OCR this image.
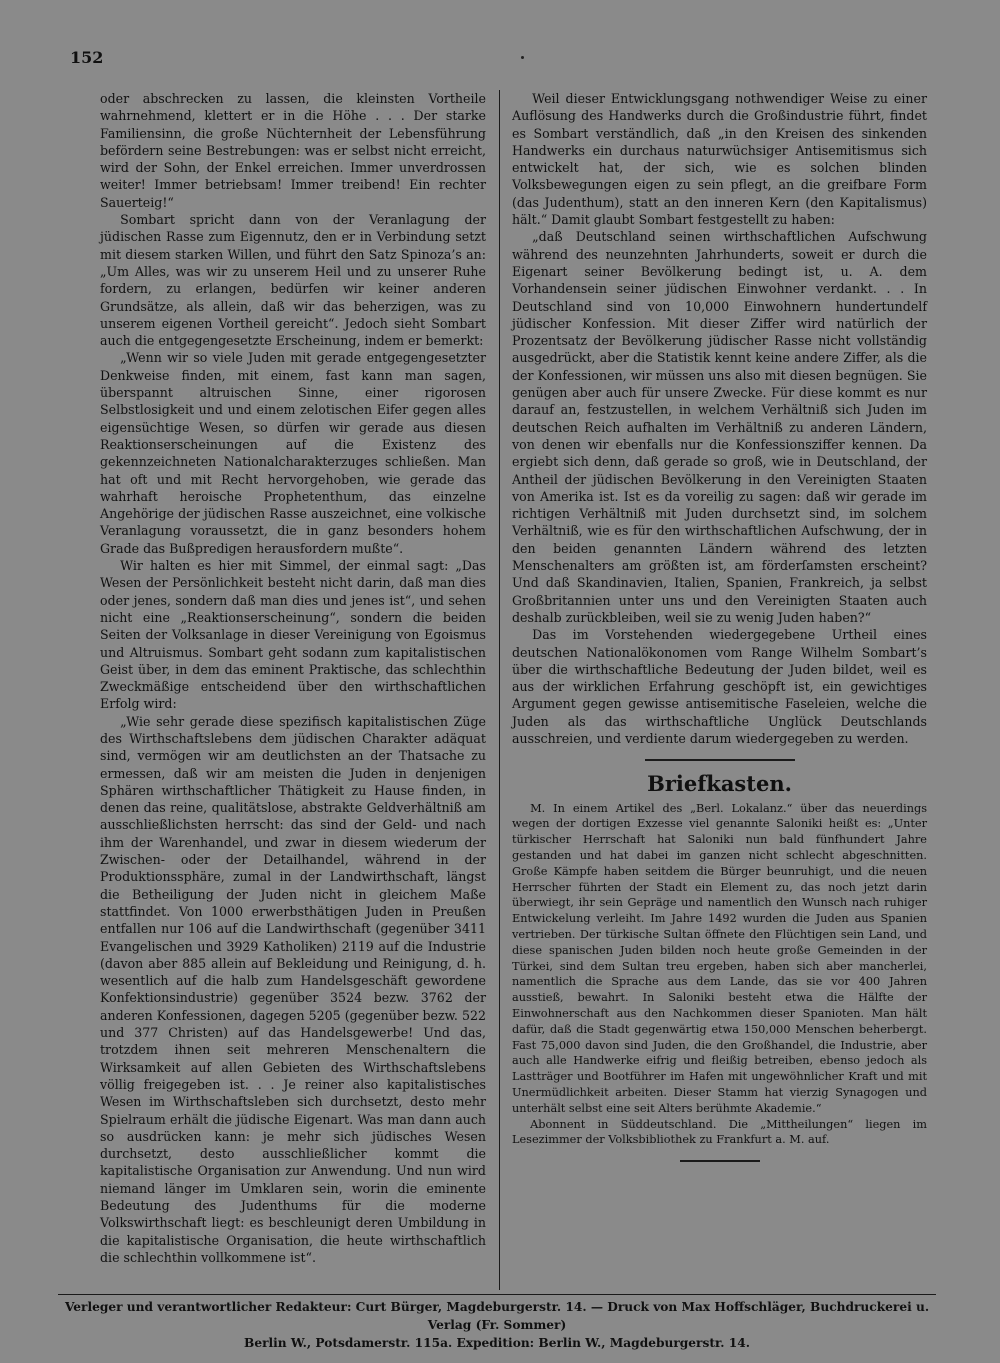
152

oder abschrecken zu lassen, die kleinsten Vortheile wahrnehmend, klettert er in die Höhe . . . Der starke Familiensinn, die große Nüchternheit der Lebensführung befördern seine Bestrebungen: was er selbst nicht erreicht, wird der Sohn, der Enkel erreichen. Immer unverdrossen weiter! Immer betriebsam! Immer treibend! Ein rechter Sauerteig!“

Sombart spricht dann von der Veranlagung der jüdischen Rasse zum Eigennutz, den er in Verbindung setzt mit diesem starken Willen, und führt den Satz Spinoza’s an: „Um Alles, was wir zu unserem Heil und zu unserer Ruhe fordern, zu erlangen, bedürfen wir keiner anderen Grundsätze, als allein, daß wir das beherzigen, was zu unserem eigenen Vortheil gereicht“. Jedoch sieht Sombart auch die entgegengesetzte Erscheinung, indem er bemerkt:

„Wenn wir so viele Juden mit gerade entgegengesetzter Denkweise finden, mit einem, fast kann man sagen, überspannt altruischen Sinne, einer rigorosen Selbstlosigkeit und und einem zelotischen Eifer gegen alles eigensüchtige Wesen, so dürfen wir gerade aus diesen Reaktionserscheinungen auf die Existenz des gekennzeichneten Nationalcharakterzuges schließen. Man hat oft und mit Recht hervorgehoben, wie gerade das wahrhaft heroische Prophetenthum, das einzelne Angehörige der jüdischen Rasse auszeichnet, eine volkische Veranlagung voraussetzt, die in ganz besonders hohem Grade das Bußpredigen herausfordern mußte“.

Wir halten es hier mit Simmel, der einmal sagt: „Das Wesen der Persönlichkeit besteht nicht darin, daß man dies oder jenes, sondern daß man dies und jenes ist“, und sehen nicht eine „Reaktionserscheinung“, sondern die beiden Seiten der Volksanlage in dieser Vereinigung von Egoismus und Altruismus. Sombart geht sodann zum kapitalistischen Geist über, in dem das eminent Praktische, das schlechthin Zweckmäßige entscheidend über den wirthschaftlichen Erfolg wird:

„Wie sehr gerade diese spezifisch kapitalistischen Züge des Wirthschaftslebens dem jüdischen Charakter adäquat sind, vermögen wir am deutlichsten an der Thatsache zu ermessen, daß wir am meisten die Juden in denjenigen Sphären wirthschaftlicher Thätigkeit zu Hause finden, in denen das reine, qualitätslose, abstrakte Geldverhältniß am ausschließlichsten herrscht: das sind der Geld- und nach ihm der Warenhandel, und zwar in diesem wiederum der Zwischen- oder der Detailhandel, während in der Produktionssphäre, zumal in der Landwirthschaft, längst die Betheiligung der Juden nicht in gleichem Maße stattfindet. Von 1000 erwerbsthätigen Juden in Preußen entfallen nur 106 auf die Landwirthschaft (gegenüber 3411 Evangelischen und 3929 Katholiken) 2119 auf die Industrie (davon aber 885 allein auf Bekleidung und Reinigung, d. h. wesentlich auf die halb zum Handelsgeschäft gewordene Konfektionsindustrie) gegenüber 3524 bezw. 3762 der anderen Konfessionen, dagegen 5205 (gegenüber bezw. 522 und 377 Christen) auf das Handelsgewerbe! Und das, trotzdem ihnen seit mehreren Menschenaltern die Wirksamkeit auf allen Gebieten des Wirthschaftslebens völlig freigegeben ist. . . Je reiner also kapitalistisches Wesen im Wirthschaftsleben sich durchsetzt, desto mehr Spielraum erhält die jüdische Eigenart. Was man dann auch so ausdrücken kann: je mehr sich jüdisches Wesen durchsetzt, desto ausschließlicher kommt die kapitalistische Organisation zur Anwendung. Und nun wird niemand länger im Umklaren sein, worin die eminente Bedeutung des Judenthums für die moderne Volkswirthschaft liegt: es beschleunigt deren Umbildung in die kapitalistische Organisation, die heute wirthschaftlich die schlechthin vollkommene ist“.

Weil dieser Entwicklungsgang nothwendiger Weise zu einer Auflösung des Handwerks durch die Großindustrie führt, findet es Sombart verständlich, daß „in den Kreisen des sinkenden Handwerks ein durchaus naturwüchsiger Antisemitismus sich entwickelt hat, der sich, wie es solchen blinden Volksbewegungen eigen zu sein pflegt, an die greifbare Form (das Judenthum), statt an den inneren Kern (den Kapitalismus) hält.“ Damit glaubt Sombart festgestellt zu haben:

„daß Deutschland seinen wirthschaftlichen Aufschwung während des neunzehnten Jahrhunderts, soweit er durch die Eigenart seiner Bevölkerung bedingt ist, u. A. dem Vorhandensein seiner jüdischen Einwohner verdankt. . . In Deutschland sind von 10,000 Einwohnern hundertundelf jüdischer Konfession. Mit dieser Ziffer wird natürlich der Prozentsatz der Bevölkerung jüdischer Rasse nicht vollständig ausgedrückt, aber die Statistik kennt keine andere Ziffer, als die der Konfessionen, wir müssen uns also mit diesen begnügen. Sie genügen aber auch für unsere Zwecke. Für diese kommt es nur darauf an, festzustellen, in welchem Verhältniß sich Juden im deutschen Reich aufhalten im Verhältniß zu anderen Ländern, von denen wir ebenfalls nur die Konfessionsziffer kennen. Da ergiebt sich denn, daß gerade so groß, wie in Deutschland, der Antheil der jüdischen Bevölkerung in den Vereinigten Staaten von Amerika ist. Ist es da voreilig zu sagen: daß wir gerade im richtigen Verhältniß mit Juden durchsetzt sind, im solchem Verhältniß, wie es für den wirthschaftlichen Aufschwung, der in den beiden genannten Ländern während des letzten Menschenalters am größten ist, am förderſamsten erscheint? Und daß Skandinavien, Italien, Spanien, Frankreich, ja selbst Großbritannien unter uns und den Vereinigten Staaten auch deshalb zurückbleiben, weil sie zu wenig Juden haben?“

Das im Vorstehenden wiedergegebene Urtheil eines deutschen Nationalökonomen vom Range Wilhelm Sombart’s über die wirthschaftliche Bedeutung der Juden bildet, weil es aus der wirklichen Erfahrung geschöpft ist, ein gewichtiges Argument gegen gewisse antisemitische Faseleien, welche die Juden als das wirthschaftliche Unglück Deutschlands ausschreien, und verdiente darum wiedergegeben zu werden.

Briefkasten.

M. In einem Artikel des „Berl. Lokalanz.“ über das neuerdings wegen der dortigen Exzesse viel genannte Saloniki heißt es: „Unter türkischer Herrschaft hat Saloniki nun bald fünfhundert Jahre gestanden und hat dabei im ganzen nicht schlecht abgeschnitten. Große Kämpfe haben seitdem die Bürger beunruhigt, und die neuen Herrscher führten der Stadt ein Element zu, das noch jetzt darin überwiegt, ihr sein Gepräge und namentlich den Wunsch nach ruhiger Entwickelung verleiht. Im Jahre 1492 wurden die Juden aus Spanien vertrieben. Der türkische Sultan öffnete den Flüchtigen sein Land, und diese spanischen Juden bilden noch heute große Gemeinden in der Türkei, sind dem Sultan treu ergeben, haben sich aber mancherlei, namentlich die Sprache aus dem Lande, das sie vor 400 Jahren ausstieß, bewahrt. In Saloniki besteht etwa die Hälfte der Einwohnerschaft aus den Nachkommen dieser Spanioten. Man hält dafür, daß die Stadt gegenwärtig etwa 150,000 Menschen beherbergt. Fast 75,000 davon sind Juden, die den Großhandel, die Industrie, aber auch alle Handwerke eifrig und fleißig betreiben, ebenso jedoch als Lastträger und Bootführer im Hafen mit ungewöhnlicher Kraft und mit Unermüdlichkeit arbeiten. Dieser Stamm hat vierzig Synagogen und unterhält selbst eine seit Alters berühmte Akademie.“

Abonnent in Süddeutschland. Die „Mittheilungen“ liegen im Lesezimmer der Volksbibliothek zu Frankfurt a. M. auf.

Verleger und verantwortlicher Redakteur: Curt Bürger, Magdeburgerstr. 14. — Druck von Max Hoffschläger, Buchdruckerei u. Verlag (Fr. Sommer)
Berlin W., Potsdamerstr. 115a. Expedition: Berlin W., Magdeburgerstr. 14.
